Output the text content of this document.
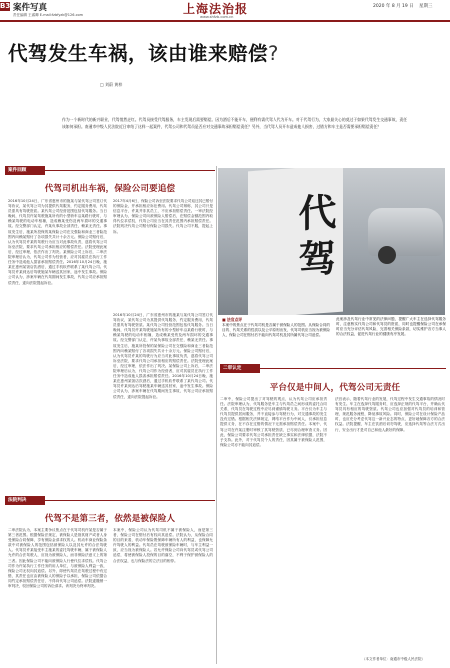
B3 案件写真
责任编辑 王睿卿 E-mail:fzbfyzk@126.com	上海法治报
www.shfzb.com.cn
2020 年 8 月 19 日 星期三
代驾发生车祸，该由谁来赔偿?
□ 刘蔚 黄梓
作为一个新时代的新兴职业，代驾悄然走红。代驾员接受代驾服务，车主发现后需要赔偿。因为酒后不能开车，便利有需代驾人代为开车。对于代驾行为，大家最关心的莫过于如果代驾发生交通事故，责任该如何承担。南通市中级人民法院近日审结了这样一起案件，代驾公司和代驾员是否应对交通事故承担赔偿责任？另外，当代驾人员开车造成他人损害，过错方和车主是否需要承担赔偿责任？
案件回顾
代驾司机出车祸，保险公司要追偿
2016年10月24日，广东省惠州市的施某与某代驾公司签订代驾协议，某代驾公司为其提供代驾服务，约定服务费用，代驾员需具有驾驶资质。某代驾公司经营范围包括代驾服务。当日晚间，代驾员许某驾驶施某所有的小型轿车沿某路行驶时，与赖某驾驶的电动车相撞，造成赖某受伤及两车损坏的交通事故。经交警部门认定，许某负事故全部责任，赖某无责任。事故发生后，施某所投保的某保险公司在交强险和商业三者险范围内向赖某赔付了各项损失共计十余万元。保险公司赔付后，认为代驾员许某的驾驶行为应当对此事故负责，遂将代驾公司诉至法院，要求代驾公司承担相应的赔偿责任。法院受理此案后，经过审理，依法作出了判决。某保险公司上诉后，二审法院审理后认为，代驾公司作为经营者，应对其雇员在执行工作任务中造成他人损害承担赔偿责任。2016年10月24日晚，施某在惠州某饭店饮酒后，通过手机软件联系了某代驾公司。代驾员许某到达后驾驶施某车辆送其回家，途中发生事故。保险公司认为，涉案车辆在代驾期间发生事故，代驾公司应承担赔偿责任，遂向法院提起诉讼。
2017年4月6日，保险公司诉至法院要求代驾公司返还其已赔付的保险金，并承担相应诉讼费用。代驾公司辩称，其公司只是信息平台，许某并非其员工，不应承担赔偿责任。一审法院经审理认为，保险公司向被保险人赔偿后，在赔偿金额范围内取得代位求偿权，代驾公司应当在其责任范围内承担赔偿责任。法院判决代驾公司赔付保险公司损失。代驾公司不服，提起上诉。
2016年10月24日，广东省惠州市的施某与某代驾公司签订代驾协议，某代驾公司为其提供代驾服务，约定服务费用，代驾员需具有驾驶资质。某代驾公司经营范围包括代驾服务。当日晚间，代驾员许某驾驶施某所有的小型轿车沿某路行驶时，与赖某驾驶的电动车相撞，造成赖某受伤及两车损坏的交通事故。经交警部门认定，许某负事故全部责任，赖某无责任。事故发生后，施某所投保的某保险公司在交强险和商业三者险范围内向赖某赔付了各项损失共计十余万元。保险公司赔付后，认为代驾员许某的驾驶行为应当对此事故负责，遂将代驾公司诉至法院，要求代驾公司承担相应的赔偿责任。法院受理此案后，经过审理，依法作出了判决。某保险公司上诉后，二审法院审理后认为，代驾公司作为经营者，应对其雇员在执行工作任务中造成他人损害承担赔偿责任。2016年10月24日晚，施某在惠州某饭店饮酒后，通过手机软件联系了某代驾公司。代驾员许某到达后驾驶施某车辆送其回家，途中发生事故。保险公司认为，涉案车辆在代驾期间发生事故，代驾公司应承担赔偿责任，遂向法院提起诉讼。
代驾
■ 法官点评
本案中的焦点在于代驾司机是否属于被保险人的范围。从保险合同的目的、代驾关系的性质以及公平原则出发，代驾司机应当视为被保险人，保险公司在赔付后不能向代驾司机及其所属代驾公司追偿。
此案涉及代驾行业中常见的法律问题，提醒广大车主在选择代驾服务时，注意核实代驾公司和代驾员的资质，同时也提醒保险公司在承保时应当充分评估代驾风险，完善相关保险条款，切实维护各方当事人的合法权益，促进代驾行业的健康有序发展。
二审认定
平台仅是中间人，代驾公司无责任
二审中，保险公司提出了对驾驶的观点，认为代驾公司应承担责任。法院审理认为，代驾服务是车主与代驾员之间形成的委托合同关系，代驾员在驾驶过程中应尽到谨慎驾驶义务。平台仅为车主与代驾员提供居间服务，并不直接参与驾驶行为，对交通事故的发生没有过错。根据相关法律规定，网络平台作为中间人，仅承担信息提供义务，在不存在过错的情况下无需承担赔偿责任。本案中，代驾公司在许某注册时审核了其驾驶资质，已尽到合理审查义务。因此，保险公司要求代驾公司承担责任缺乏事实和法律依据，法院不予支持。此外，对于代驾员个人的责任，因其属于被保险人范围，保险公司亦不能向其追偿。
法官表示，随着代驾行业的发展，代驾过程中发生交通事故的情况时有发生。车主在选择代驾服务时，应选择正规的代驾平台，并确认代驾员具有相应的驾驶资质。代驾公司也应加强对代驾员的培训和管理，规范服务流程，降低事故风险。同时，保险公司在设计保险产品时，也应充分考虑代驾这一新兴业态的特点，更好地保障各方的合法权益。法院提醒，车主在饮酒后切勿驾驶，应选择代驾等合法方式出行，安全出行才是对自己和他人最好的保障。
（本文作者单位：南通市中级人民法院）
法院判决
代驾不是第三者，依然是被保险人
二审法院认为，本案主要争议焦点在于代驾司机许某是否属于第三者范围。根据保险法规定，被保险人是指其财产或者人身受保险合同保障，享有保险金请求权的人。机动车商业保险条款中对被保险人的范围包括被保险人以及其允许的合法驾驶人。代驾员许某接受车主施某的委托驾驶车辆，属于被保险人允许的合法驾驶人，应视为被保险人，而非保险法意义上的第三者。因此保险公司不能向被保险人行使代位求偿权。代驾公司作为许某执行工作任务的用人单位，与被保险人利益一致，保险公司无权向其追偿。另外，即使代驾员在驾驶过程中有过错，其责任也应由被保险人的保险予以承担，保险公司依据合同约定承担赔偿责任后，不得向代驾公司追偿。法院遂撤销一审判决，驳回保险公司的诉讼请求。该判决为终审判决。
本案中，保险公司认为代驾司机不属于被保险人，而是第三者，保险公司在赔付后有权向其追偿。法院认为，从保险合同的目的来看，机动车保险既保障车辆所有人的利益，也保障允许驾驶人的利益。代驾员在驾驶被保险车辆时，与车主利益一致，应当视为被保险人。若允许保险公司向代驾员或代驾公司追偿，将使被保险人投保的目的落空，不利于保护被保险人的合法权益，也与保险法的立法目的相悖。
